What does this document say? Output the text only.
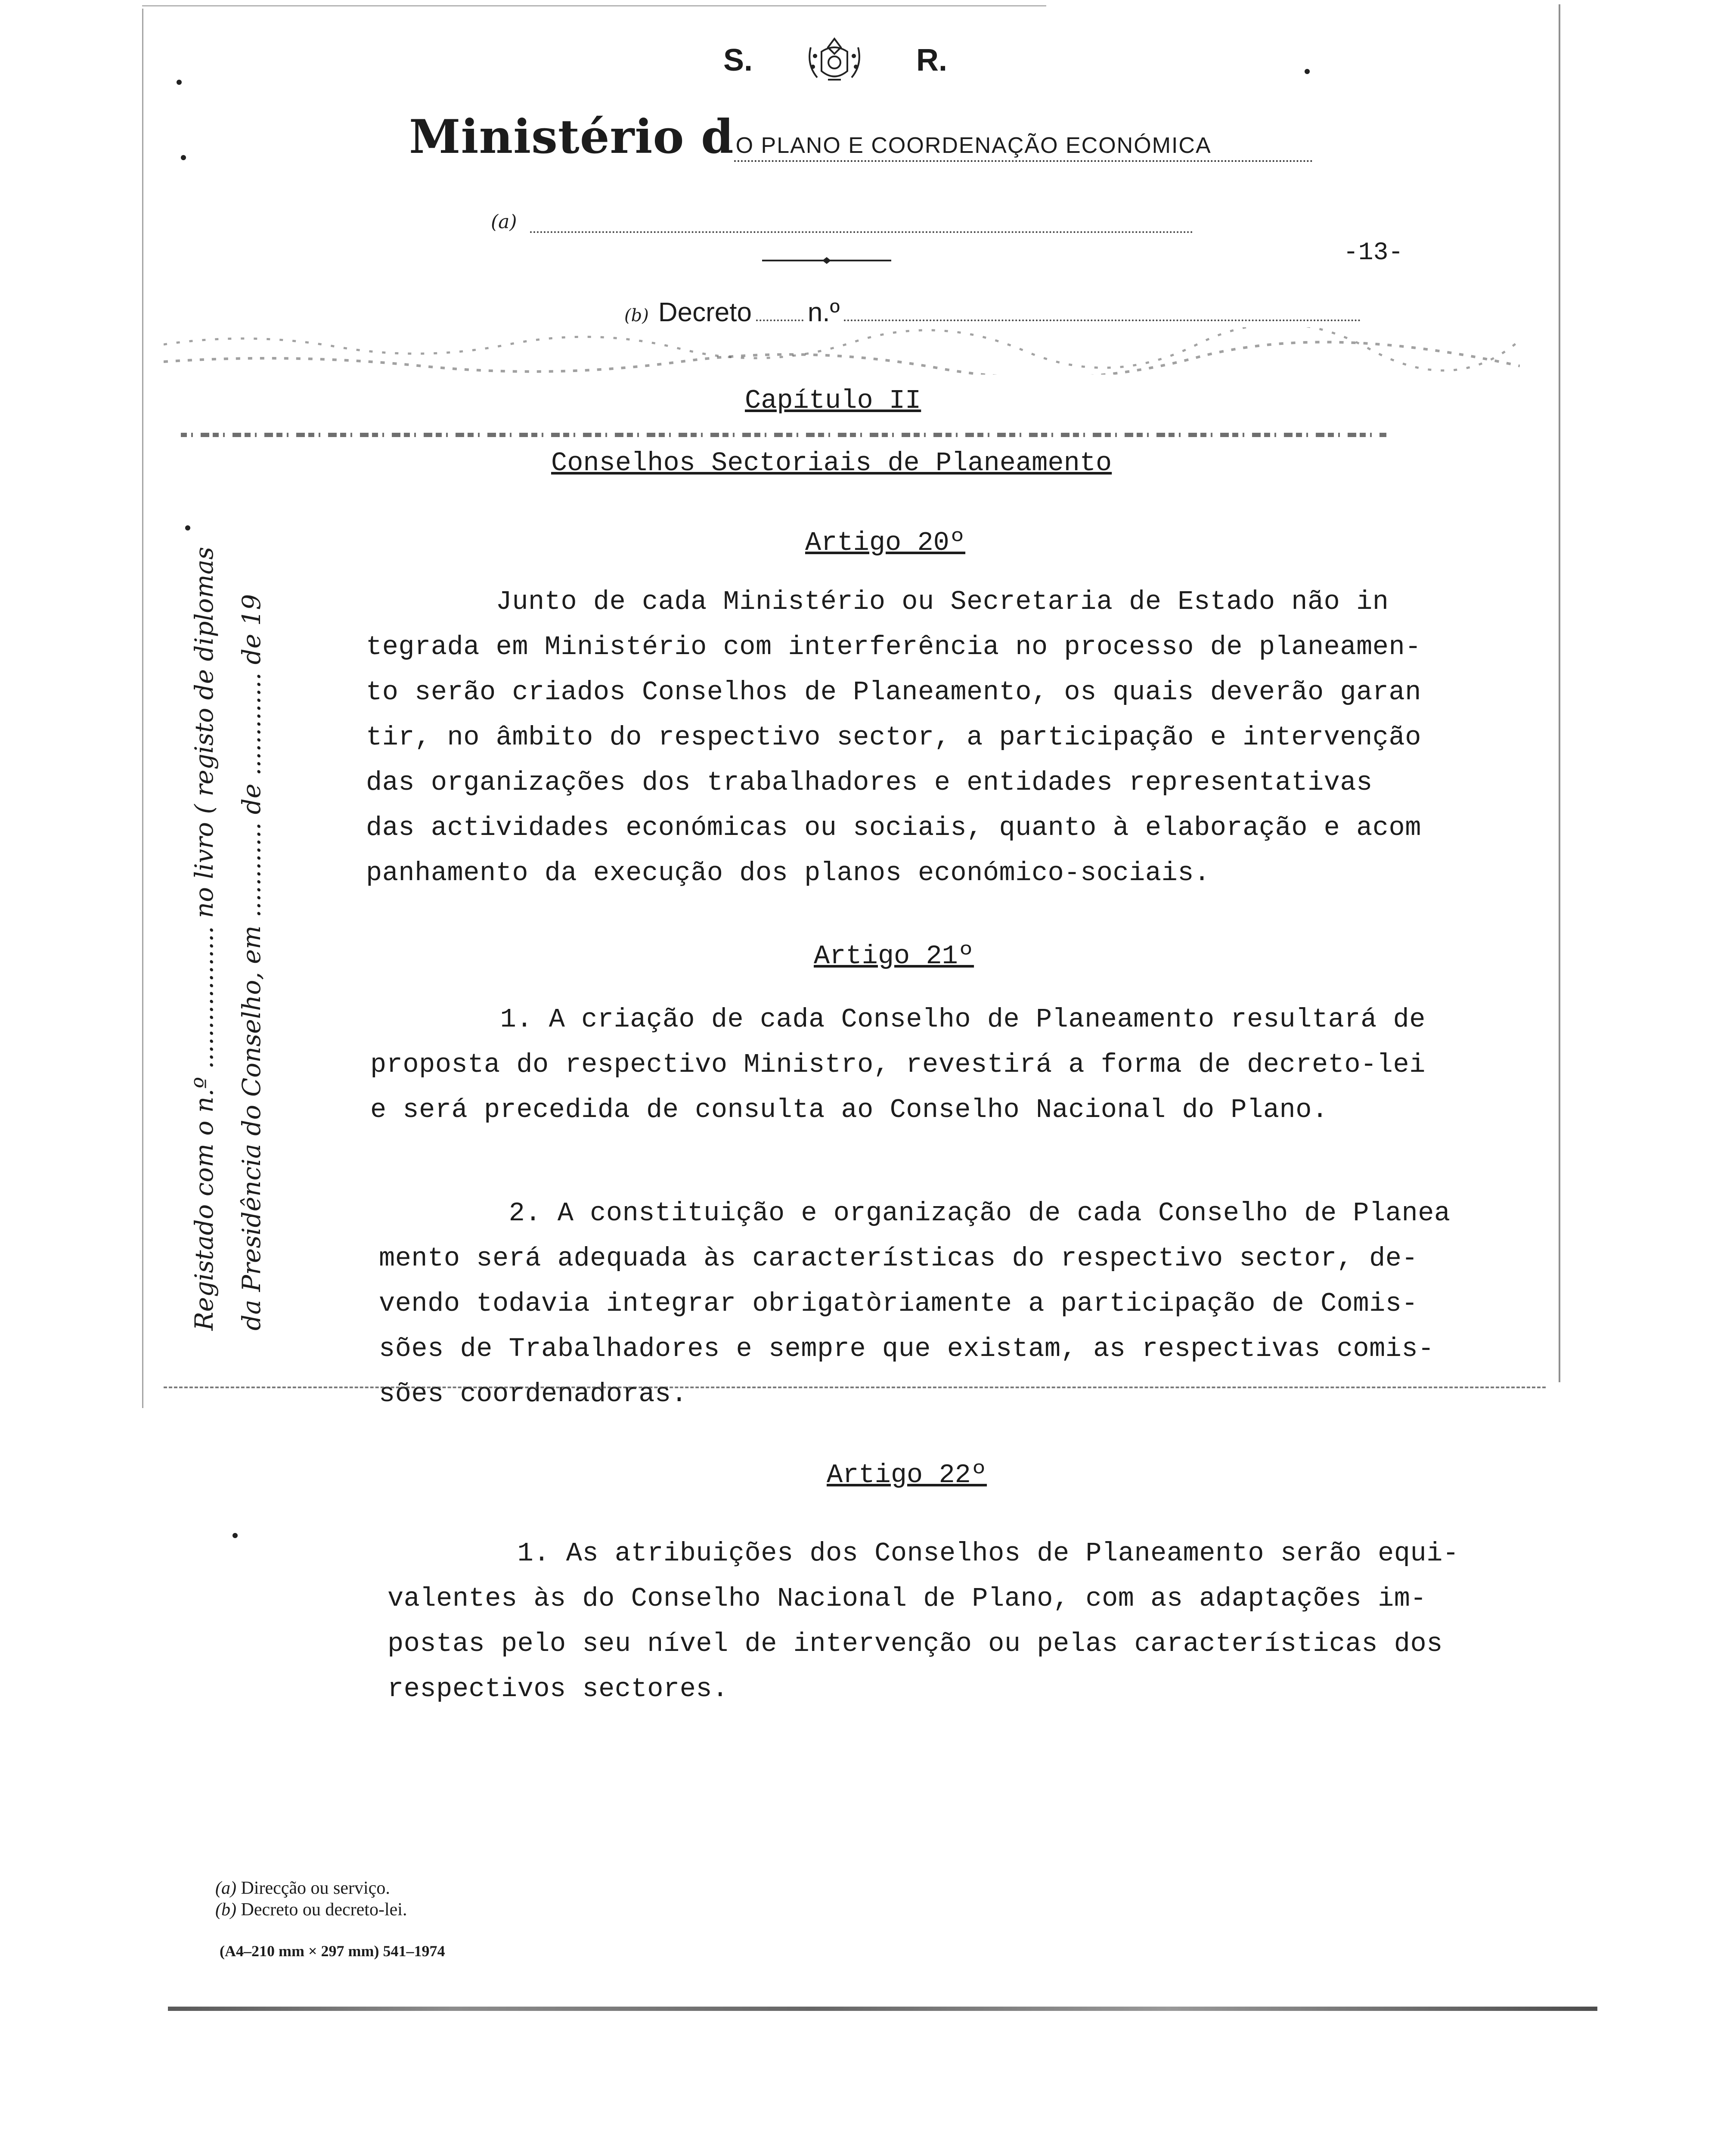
S.	R.
Ministério d O PLANO E COORDENAÇÃO ECONÓMICA
(a)
-13-
(b) Decreto n.º
Capítulo II
Conselhos Sectoriais de Planeamento
Registado com o n.º .................. no livro ( registo de diplomas da Presidência do Conselho, em ............ de ............. de 19
Artigo 20º
Junto de cada Ministério ou Secretaria de Estado não in
tegrada em Ministério com interferência no processo de planeamen-
to serão criados Conselhos de Planeamento, os quais deverão garan
tir, no âmbito do respectivo sector, a participação e intervenção
das organizações dos trabalhadores e entidades representativas
das actividades económicas ou sociais, quanto à elaboração e acom
panhamento da execução dos planos económico-sociais.
Artigo 21º
1. A criação de cada Conselho de Planeamento resultará de
proposta do respectivo Ministro, revestirá a forma de decreto-lei
e será precedida de consulta ao Conselho Nacional do Plano.
2. A constituição e organização de cada Conselho de Planea
mento será adequada às características do respectivo sector, de-
vendo todavia integrar obrigatòriamente a participação de Comis-
sões de Trabalhadores e sempre que existam, as respectivas comis-
sões coordenadoras.
Artigo 22º
1. As atribuições dos Conselhos de Planeamento serão equi-
valentes às do Conselho Nacional de Plano, com as adaptações im-
postas pelo seu nível de intervenção ou pelas características dos
respectivos sectores.
(a) Direcção ou serviço.
(b) Decreto ou decreto-lei.
(A4–210 mm × 297 mm) 541–1974
